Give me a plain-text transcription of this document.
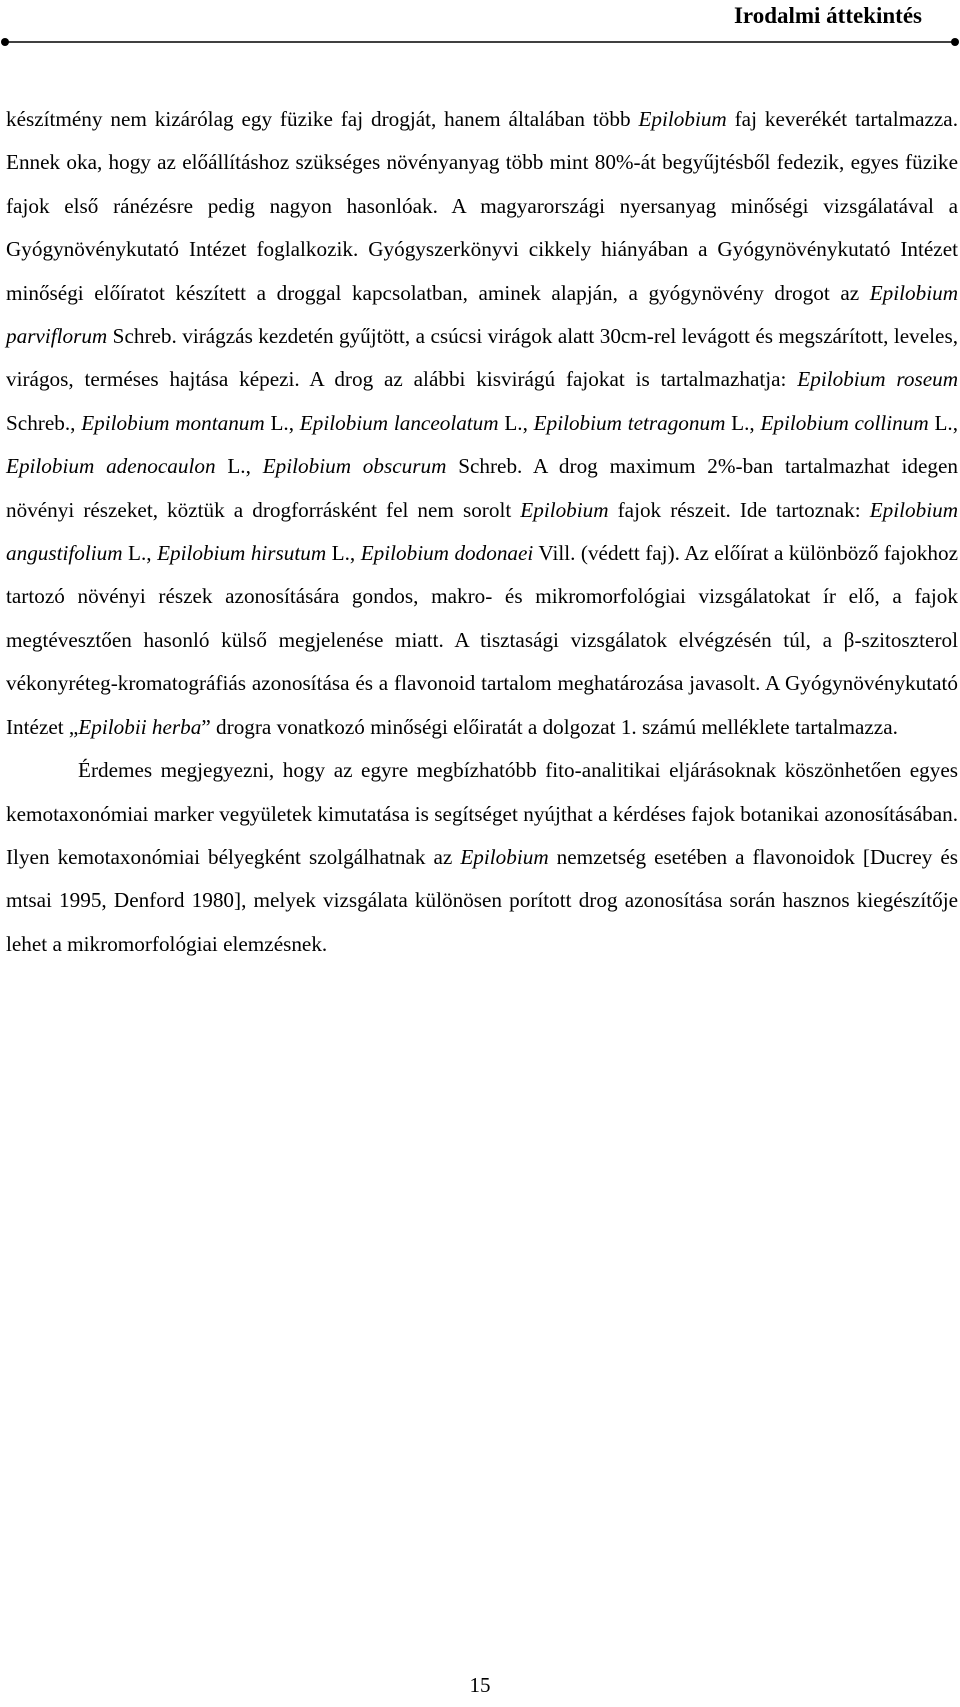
Irodalmi áttekintés

készítmény nem kizárólag egy füzike faj drogját, hanem általában több Epilobium faj keverékét tartalmazza. Ennek oka, hogy az előállításhoz szükséges növényanyag több mint 80%-át begyűjtésből fedezik, egyes füzike fajok első ránézésre pedig nagyon hasonlóak. A magyarországi nyersanyag minőségi vizsgálatával a Gyógynövénykutató Intézet foglalkozik. Gyógyszerkönyvi cikkely hiányában a Gyógynövénykutató Intézet minőségi előíratot készített a droggal kapcsolatban, aminek alapján, a gyógynövény drogot az Epilobium parviflorum Schreb. virágzás kezdetén gyűjtött, a csúcsi virágok alatt 30cm-rel levágott és megszárított, leveles, virágos, terméses hajtása képezi. A drog az alábbi kisvirágú fajokat is tartalmazhatja: Epilobium roseum Schreb., Epilobium montanum L., Epilobium lanceolatum L., Epilobium tetragonum L., Epilobium collinum L., Epilobium adenocaulon L., Epilobium obscurum Schreb. A drog maximum 2%-ban tartalmazhat idegen növényi részeket, köztük a drogforrásként fel nem sorolt Epilobium fajok részeit. Ide tartoznak: Epilobium angustifolium L., Epilobium hirsutum L., Epilobium dodonaei Vill. (védett faj). Az előírat a különböző fajokhoz tartozó növényi részek azonosítására gondos, makro- és mikromorfológiai vizsgálatokat ír elő, a fajok megtévesztően hasonló külső megjelenése miatt. A tisztasági vizsgálatok elvégzésén túl, a β-szitoszterol vékonyréteg-kromatográfiás azonosítása és a flavonoid tartalom meghatározása javasolt. A Gyógynövénykutató Intézet „Epilobii herba” drogra vonatkozó minőségi előiratát a dolgozat 1. számú melléklete tartalmazza.

Érdemes megjegyezni, hogy az egyre megbízhatóbb fito-analitikai eljárásoknak köszönhetően egyes kemotaxonómiai marker vegyületek kimutatása is segítséget nyújthat a kérdéses fajok botanikai azonosításában. Ilyen kemotaxonómiai bélyegként szolgálhatnak az Epilobium nemzetség esetében a flavonoidok [Ducrey és mtsai 1995, Denford 1980], melyek vizsgálata különösen porított drog azonosítása során hasznos kiegészítője lehet a mikromorfológiai elemzésnek.

15
